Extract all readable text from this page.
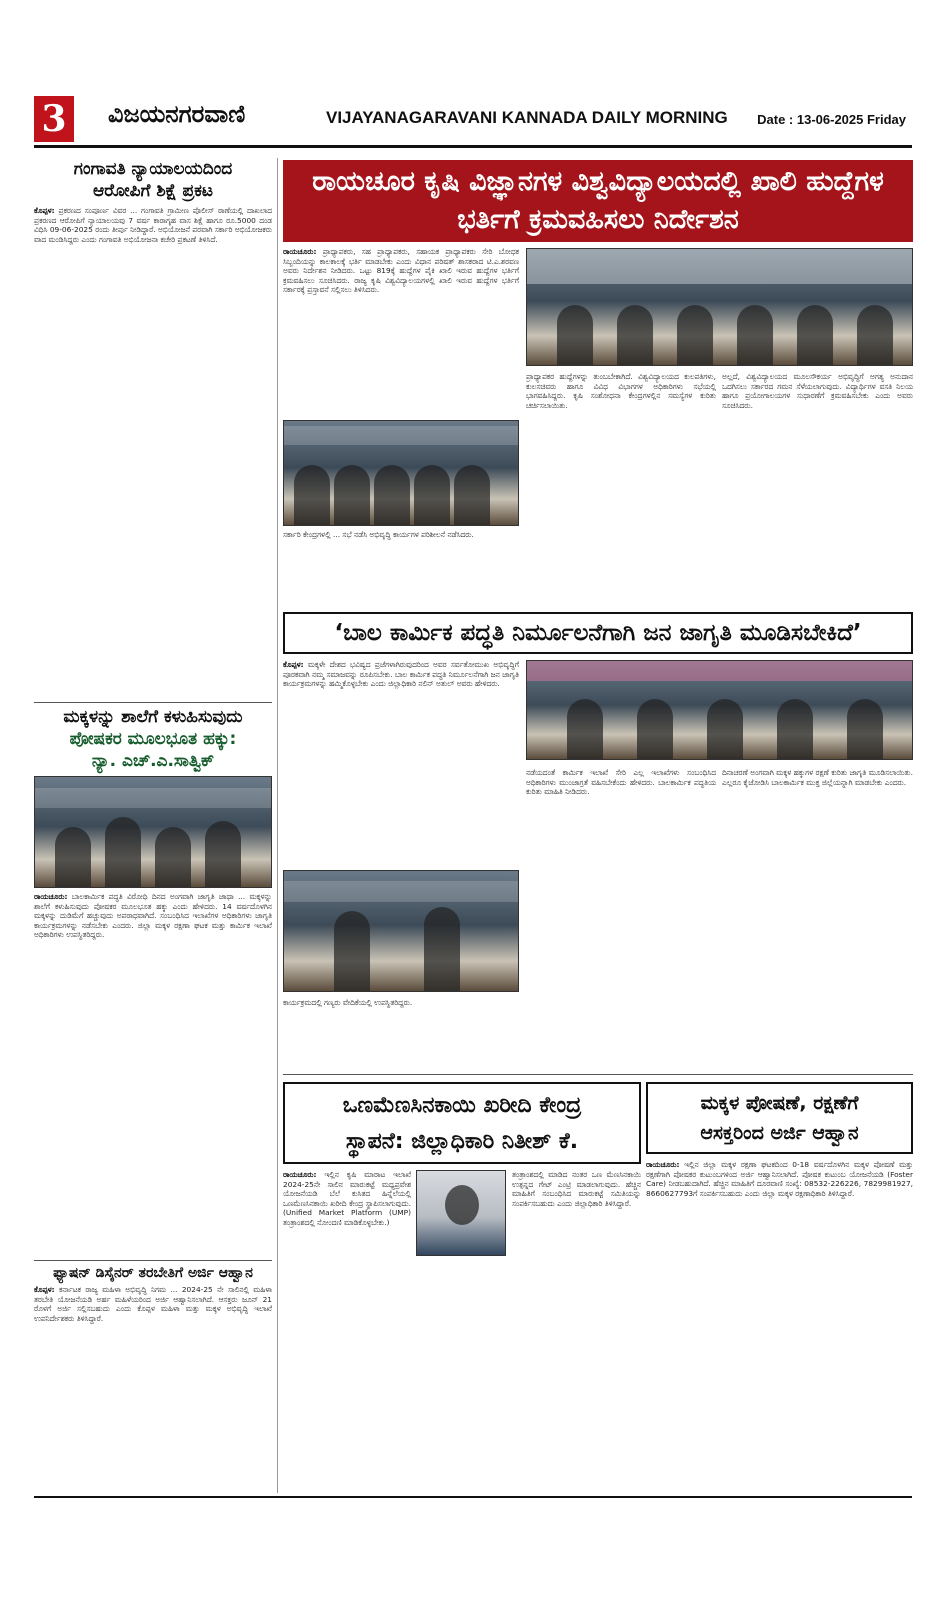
3	ವಿಜಯನಗರವಾಣಿ	VIJAYANAGARAVANI KANNADA DAILY MORNING Date : 13-06-2025 Friday
ಗಂಗಾವತಿ ನ್ಯಾಯಾಲಯದಿಂದ
ಆರೋಪಿಗೆ ಶಿಕ್ಷೆ ಪ್ರಕಟ
ಕೊಪ್ಪಳ: ಪ್ರಕರಣದ ಸಂಪೂರ್ಣ ವಿವರ ... ಗಂಗಾವತಿ ಗ್ರಾಮೀಣ ಪೊಲೀಸ್ ಠಾಣೆಯಲ್ಲಿ ದಾಖಲಾದ ಪ್ರಕರಣದ ಆರೋಪಿಗೆ ನ್ಯಾಯಾಲಯವು 7 ವರ್ಷ ಕಾರಾಗೃಹ ವಾಸ ಶಿಕ್ಷೆ ಹಾಗೂ ರೂ.5000 ದಂಡ ವಿಧಿಸಿ 09-06-2025 ರಂದು ತೀರ್ಪು ನೀಡಿದ್ದಾರೆ. ಅಭಿಯೋಜನೆ ಪರವಾಗಿ ಸರ್ಕಾರಿ ಅಭಿಯೋಜಕರು ವಾದ ಮಂಡಿಸಿದ್ದರು ಎಂದು ಗಂಗಾವತಿ ಅಭಿಯೋಜನಾ ಕಚೇರಿ ಪ್ರಕಟಣೆ ತಿಳಿಸಿದೆ.
ಮಕ್ಕಳನ್ನು ಶಾಲೆಗೆ ಕಳುಹಿಸುವುದು
ಪೋಷಕರ ಮೂಲಭೂತ ಹಕ್ಕು:
ನ್ಯಾ. ಎಚ್.ಎ.ಸಾತ್ವಿಕ್
ರಾಯಚೂರು: ಬಾಲಕಾರ್ಮಿಕ ಪದ್ಧತಿ ವಿರೋಧಿ ದಿನದ ಅಂಗವಾಗಿ ಜಾಗೃತಿ ಜಾಥಾ ... ಮಕ್ಕಳನ್ನು ಶಾಲೆಗೆ ಕಳುಹಿಸುವುದು ಪೋಷಕರ ಮೂಲಭೂತ ಹಕ್ಕು ಎಂದು ಹೇಳಿದರು. 14 ವರ್ಷದೊಳಗಿನ ಮಕ್ಕಳನ್ನು ದುಡಿಮೆಗೆ ಹಚ್ಚುವುದು ಅಪರಾಧವಾಗಿದೆ. ಸಂಬಂಧಿಸಿದ ಇಲಾಖೆಗಳ ಅಧಿಕಾರಿಗಳು ಜಾಗೃತಿ ಕಾರ್ಯಕ್ರಮಗಳನ್ನು ನಡೆಸಬೇಕು ಎಂದರು. ಜಿಲ್ಲಾ ಮಕ್ಕಳ ರಕ್ಷಣಾ ಘಟಕ ಮತ್ತು ಕಾರ್ಮಿಕ ಇಲಾಖೆ ಅಧಿಕಾರಿಗಳು ಉಪಸ್ಥಿತರಿದ್ದರು.
ಫ್ಯಾಷನ್ ಡಿಸೈನರ್ ತರಬೇತಿಗೆ ಅರ್ಜಿ ಆಹ್ವಾನ
ಕೊಪ್ಪಳ: ಕರ್ನಾಟಕ ರಾಜ್ಯ ಮಹಿಳಾ ಅಭಿವೃದ್ಧಿ ನಿಗಮ ... 2024-25 ನೇ ಸಾಲಿನಲ್ಲಿ ಮಹಿಳಾ ತರಬೇತಿ ಯೋಜನೆಯಡಿ ಅರ್ಹ ಮಹಿಳೆಯರಿಂದ ಅರ್ಜಿ ಆಹ್ವಾನಿಸಲಾಗಿದೆ. ಆಸಕ್ತರು ಜೂನ್ 21 ರೊಳಗೆ ಅರ್ಜಿ ಸಲ್ಲಿಸಬಹುದು ಎಂದು ಕೊಪ್ಪಳ ಮಹಿಳಾ ಮತ್ತು ಮಕ್ಕಳ ಅಭಿವೃದ್ಧಿ ಇಲಾಖೆ ಉಪನಿರ್ದೇಶಕರು ತಿಳಿಸಿದ್ದಾರೆ.
ರಾಯಚೂರ ಕೃಷಿ ವಿಜ್ಞಾನಗಳ ವಿಶ್ವವಿದ್ಯಾಲಯದಲ್ಲಿ ಖಾಲಿ ಹುದ್ದೆಗಳ ಭರ್ತಿಗೆ ಕ್ರಮವಹಿಸಲು ನಿರ್ದೇಶನ
ರಾಯಚೂರು: ಪ್ರಾಧ್ಯಾಪಕರು, ಸಹ ಪ್ರಾಧ್ಯಾಪಕರು, ಸಹಾಯಕ ಪ್ರಾಧ್ಯಾಪಕರು ಸೇರಿ ಬೋಧಕ ಸಿಬ್ಬಂದಿಯನ್ನು ಕಾಲಕಾಲಕ್ಕೆ ಭರ್ತಿ ಮಾಡಬೇಕು ಎಂದು ವಿಧಾನ ಪರಿಷತ್ ಶಾಸಕರಾದ ಟಿ.ಎ.ಶರವಣ ಅವರು ನಿರ್ದೇಶನ ನೀಡಿದರು. ಒಟ್ಟು 819ಕ್ಕೆ ಹುದ್ದೆಗಳ ಪೈಕಿ ಖಾಲಿ ಇರುವ ಹುದ್ದೆಗಳ ಭರ್ತಿಗೆ ಕ್ರಮವಹಿಸಲು ಸೂಚಿಸಿದರು. ರಾಜ್ಯ ಕೃಷಿ ವಿಶ್ವವಿದ್ಯಾಲಯಗಳಲ್ಲಿ ಖಾಲಿ ಇರುವ ಹುದ್ದೆಗಳ ಭರ್ತಿಗೆ ಸರ್ಕಾರಕ್ಕೆ ಪ್ರಸ್ತಾವನೆ ಸಲ್ಲಿಸಲು ತಿಳಿಸಿದರು.
ಸರ್ಕಾರಿ ಕೇಂದ್ರಗಳಲ್ಲಿ ... ಸಭೆ ನಡೆಸಿ ಅಭಿವೃದ್ಧಿ ಕಾರ್ಯಗಳ ಪರಿಶೀಲನೆ ನಡೆಸಿದರು.
ಪ್ರಾಧ್ಯಾಪಕರ ಹುದ್ದೆಗಳನ್ನು ತುಂಬಬೇಕಾಗಿದೆ. ವಿಶ್ವವಿದ್ಯಾಲಯದ ಕುಲಪತಿಗಳು, ಕುಲಸಚಿವರು ಹಾಗೂ ವಿವಿಧ ವಿಭಾಗಗಳ ಅಧಿಕಾರಿಗಳು ಸಭೆಯಲ್ಲಿ ಭಾಗವಹಿಸಿದ್ದರು. ಕೃಷಿ ಸಂಶೋಧನಾ ಕೇಂದ್ರಗಳಲ್ಲಿನ ಸಮಸ್ಯೆಗಳ ಕುರಿತು ಚರ್ಚಿಸಲಾಯಿತು.
ಅಲ್ಲದೆ, ವಿಶ್ವವಿದ್ಯಾಲಯದ ಮೂಲಸೌಕರ್ಯ ಅಭಿವೃದ್ಧಿಗೆ ಅಗತ್ಯ ಅನುದಾನ ಒದಗಿಸಲು ಸರ್ಕಾರದ ಗಮನ ಸೆಳೆಯಲಾಗುವುದು. ವಿದ್ಯಾರ್ಥಿಗಳ ವಸತಿ ನಿಲಯ ಹಾಗೂ ಪ್ರಯೋಗಾಲಯಗಳ ಸುಧಾರಣೆಗೆ ಕ್ರಮವಹಿಸಬೇಕು ಎಂದು ಅವರು ಸೂಚಿಸಿದರು.
‘ಬಾಲ ಕಾರ್ಮಿಕ ಪದ್ಧತಿ ನಿರ್ಮೂಲನೆಗಾಗಿ ಜನ ಜಾಗೃತಿ ಮೂಡಿಸಬೇಕಿದೆ’
ಕೊಪ್ಪಳ: ಮಕ್ಕಳೇ ದೇಶದ ಭವಿಷ್ಯದ ಪ್ರಜೆಗಳಾಗಿರುವುದರಿಂದ ಅವರ ಸರ್ವತೋಮುಖ ಅಭಿವೃದ್ಧಿಗೆ ಪೂರಕವಾಗಿ ನಮ್ಮ ಸಮಾಜವನ್ನು ರೂಪಿಸಬೇಕು. ಬಾಲ ಕಾರ್ಮಿಕ ಪದ್ಧತಿ ನಿರ್ಮೂಲನೆಗಾಗಿ ಜನ ಜಾಗೃತಿ ಕಾರ್ಯಕ್ರಮಗಳನ್ನು ಹಮ್ಮಿಕೊಳ್ಳಬೇಕು ಎಂದು ಜಿಲ್ಲಾಧಿಕಾರಿ ನಲಿನ್ ಅತುಲ್ ಅವರು ಹೇಳಿದರು.
ಕಾರ್ಯಕ್ರಮದಲ್ಲಿ ಗಣ್ಯರು ವೇದಿಕೆಯಲ್ಲಿ ಉಪಸ್ಥಿತರಿದ್ದರು.
ನಡೆಯದಂತೆ ಕಾರ್ಮಿಕ ಇಲಾಖೆ ಸೇರಿ ಎಲ್ಲ ಇಲಾಖೆಗಳು ಸಂಬಂಧಿಸಿದ ಅಧಿಕಾರಿಗಳು ಮುಂಜಾಗ್ರತೆ ವಹಿಸಬೇಕೆಂದು ಹೇಳಿದರು. ಬಾಲಕಾರ್ಮಿಕ ಪದ್ಧತಿಯ ಕುರಿತು ಮಾಹಿತಿ ನೀಡಿದರು.
ದಿನಾಚರಣೆ ಅಂಗವಾಗಿ ಮಕ್ಕಳ ಹಕ್ಕುಗಳ ರಕ್ಷಣೆ ಕುರಿತು ಜಾಗೃತಿ ಮೂಡಿಸಲಾಯಿತು. ಎಲ್ಲರೂ ಕೈಜೋಡಿಸಿ ಬಾಲಕಾರ್ಮಿಕ ಮುಕ್ತ ಜಿಲ್ಲೆಯನ್ನಾಗಿ ಮಾಡಬೇಕು ಎಂದರು.
ಒಣಮೆಣಸಿನಕಾಯಿ ಖರೀದಿ ಕೇಂದ್ರ
ಸ್ಥಾಪನೆ: ಜಿಲ್ಲಾಧಿಕಾರಿ ನಿತೀಶ್ ಕೆ.
ರಾಯಚೂರು: ಇಲ್ಲಿನ ಕೃಷಿ ಮಾರಾಟ ಇಲಾಖೆ 2024-25ನೇ ಸಾಲಿನ ಮಾರುಕಟ್ಟೆ ಮಧ್ಯಪ್ರವೇಶ ಯೋಜನೆಯಡಿ ಬೆಲೆ ಕುಸಿತದ ಹಿನ್ನೆಲೆಯಲ್ಲಿ ಒಣಮೆಣಸಿನಕಾಯಿ ಖರೀದಿ ಕೇಂದ್ರ ಸ್ಥಾಪಿಸಲಾಗುವುದು. (Unified Market Platform (UMP) ತಂತ್ರಾಂಶದಲ್ಲಿ ನೋಂದಣಿ ಮಾಡಿಕೊಳ್ಳಬೇಕು.)
ತಂತ್ರಾಂಶದಲ್ಲಿ ಮಾಡಿದ ನಂತರ ಒಣ ಮೆಣಸಿನಕಾಯಿ ಉತ್ಪನ್ನದ ಗೇಟ್ ಎಂಟ್ರಿ ಮಾಡಲಾಗುವುದು. ಹೆಚ್ಚಿನ ಮಾಹಿತಿಗೆ ಸಂಬಂಧಿಸಿದ ಮಾರುಕಟ್ಟೆ ಸಮಿತಿಯನ್ನು ಸಂಪರ್ಕಿಸಬಹುದು ಎಂದು ಜಿಲ್ಲಾಧಿಕಾರಿ ತಿಳಿಸಿದ್ದಾರೆ.
ಮಕ್ಕಳ ಪೋಷಣೆ, ರಕ್ಷಣೆಗೆ
ಆಸಕ್ತರಿಂದ ಅರ್ಜಿ ಆಹ್ವಾನ
ರಾಯಚೂರು: ಇಲ್ಲಿನ ಜಿಲ್ಲಾ ಮಕ್ಕಳ ರಕ್ಷಣಾ ಘಟಕದಿಂದ 0-18 ವರ್ಷದೊಳಗಿನ ಮಕ್ಕಳ ಪೋಷಣೆ ಮತ್ತು ರಕ್ಷಣೆಗಾಗಿ ಪೋಷಕರ ಕುಟುಂಬಗಳಿಂದ ಅರ್ಜಿ ಆಹ್ವಾನಿಸಲಾಗಿದೆ. ಪೋಷಕ ಕುಟುಂಬ ಯೋಜನೆಯಡಿ (Foster Care) ನೀಡಬಹುದಾಗಿದೆ. ಹೆಚ್ಚಿನ ಮಾಹಿತಿಗೆ ದೂರವಾಣಿ ಸಂಖ್ಯೆ: 08532-226226, 7829981927, 8660627793ಗೆ ಸಂಪರ್ಕಿಸಬಹುದು ಎಂದು ಜಿಲ್ಲಾ ಮಕ್ಕಳ ರಕ್ಷಣಾಧಿಕಾರಿ ತಿಳಿಸಿದ್ದಾರೆ.
